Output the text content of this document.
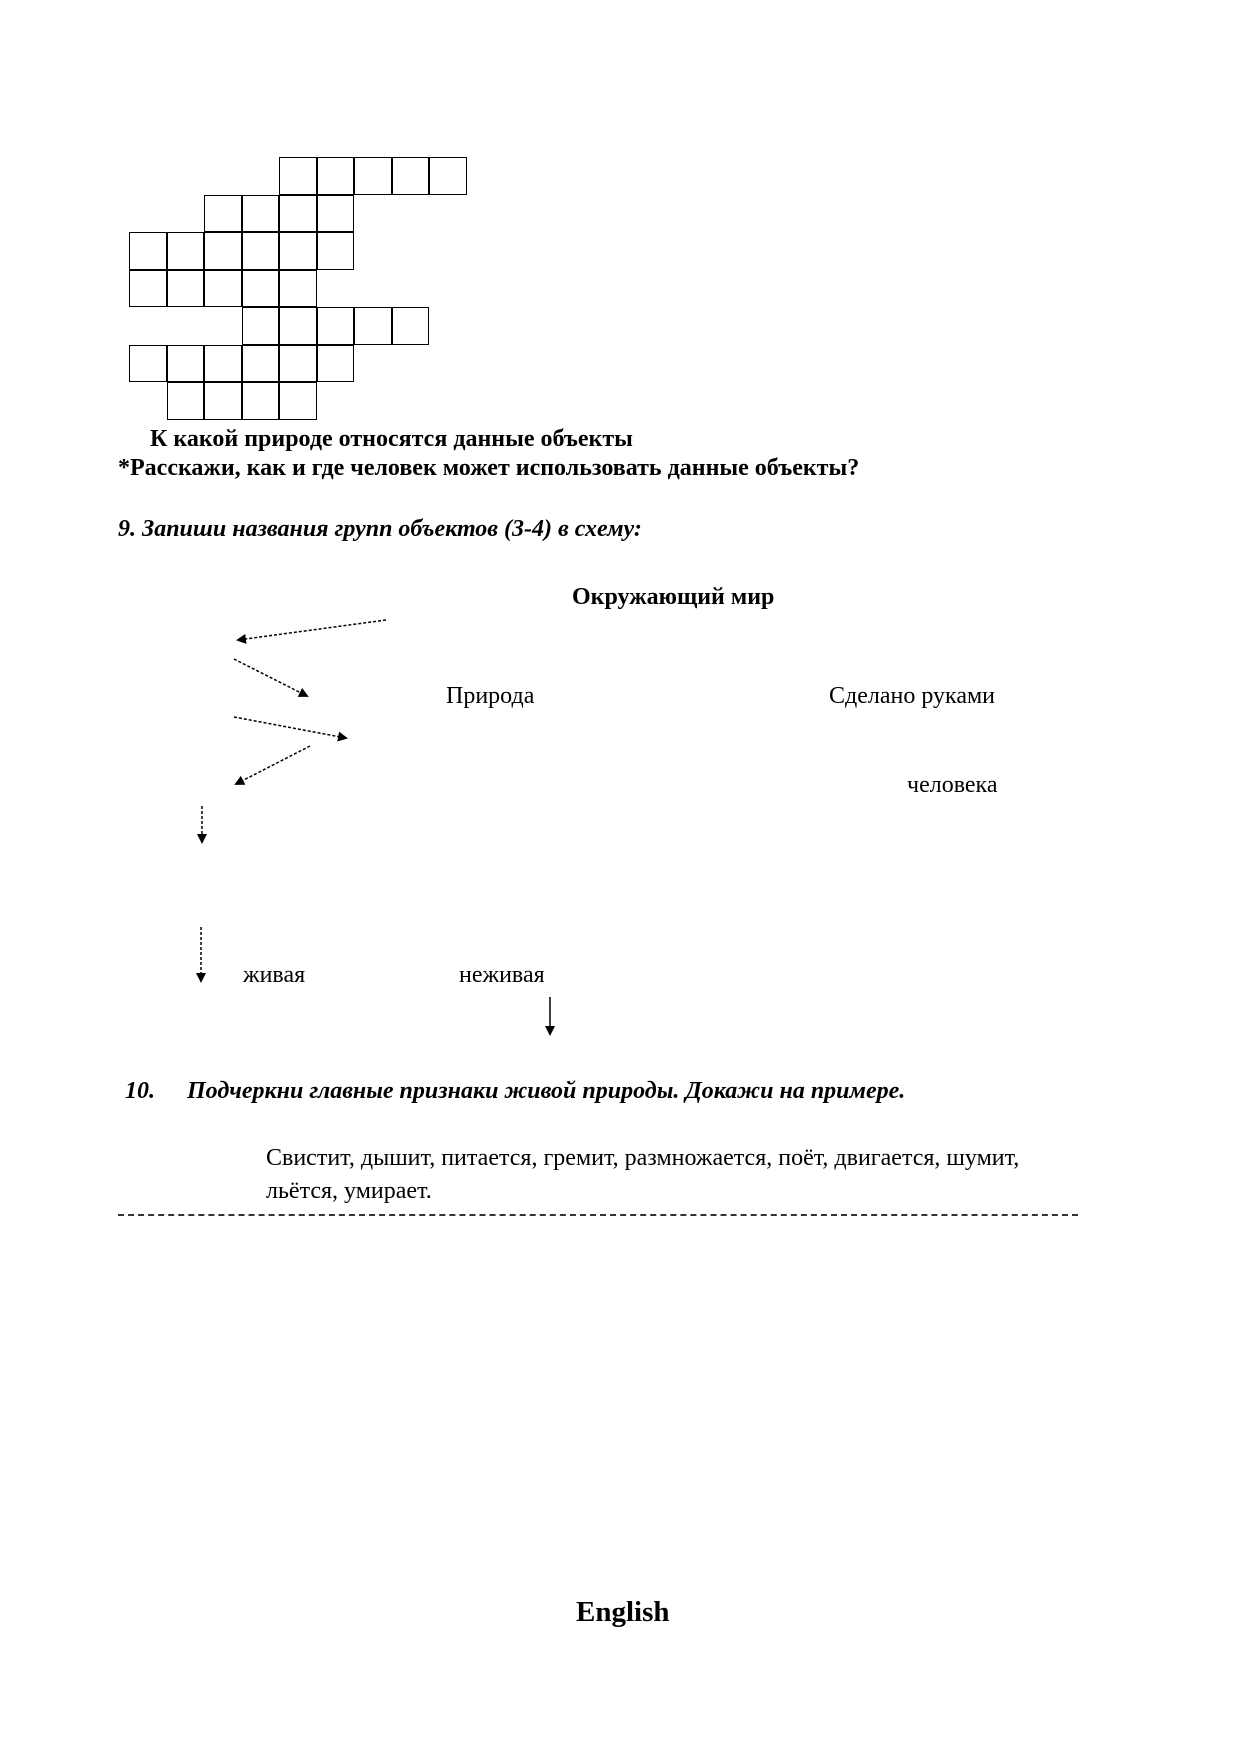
К какой природе относятся данные объекты
*Расскажи, как и где человек может использовать данные объекты?
9. Запиши названия групп объектов (3-4) в схему:
Окружающий мир
Природа	Сделано руками
человека
живая	неживая
10. Подчеркни главные признаки живой природы. Докажи на примере.
Свистит, дышит, питается, гремит, размножается, поёт, двигается, шумит,
льётся, умирает.
English
